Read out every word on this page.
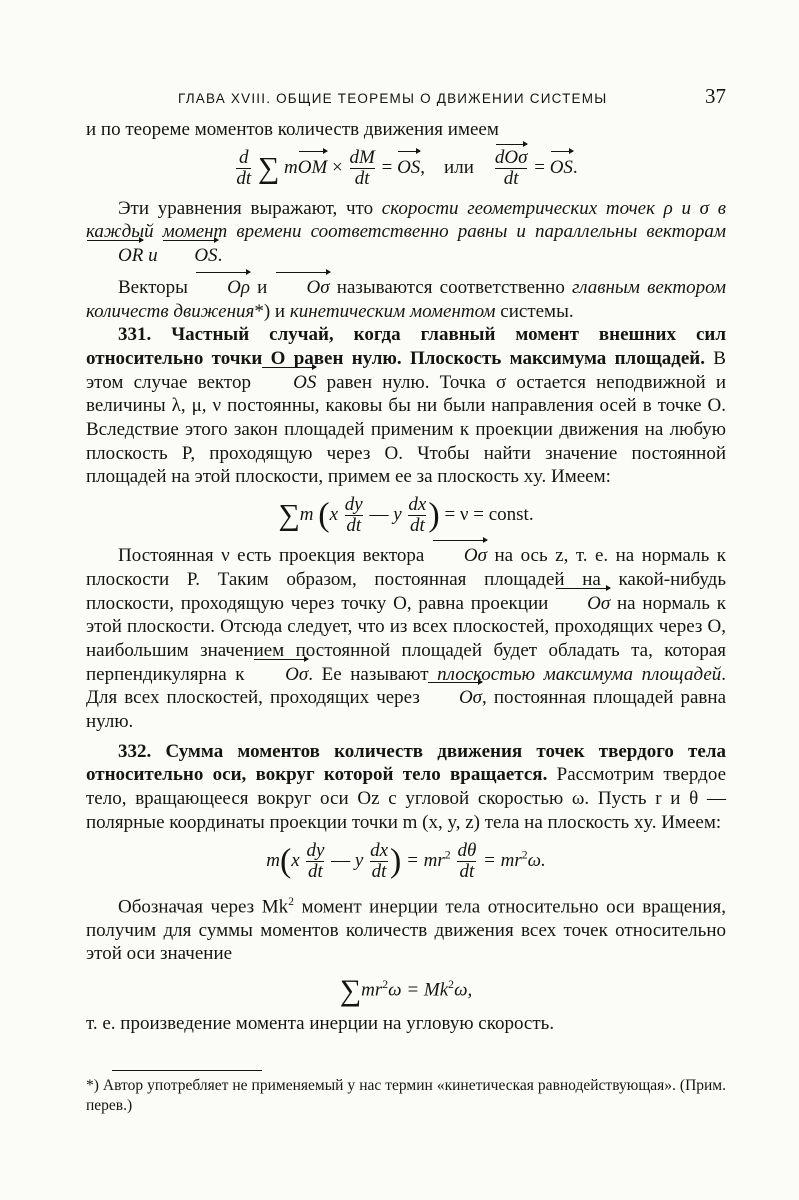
ГЛАВА XVIII. ОБЩИЕ ТЕОРЕМЫ О ДВИЖЕНИИ СИСТЕМЫ	37

и по теореме моментов количеств движения имеем

$\frac{d}{dt}$ ∑ mOM × $\frac{dM}{dt}$ = OS, или $\frac{\text{dOσ}}{dt}$ = OS.

Эти уравнения выражают, что скорости геометрических точек ρ и σ в каждый момент времени соответственно равны и параллельны векторам OR и OS.

Векторы Oρ и Oσ называются соответственно главным вектором количеств движения*) и кинетическим моментом системы.

331. Частный случай, когда главный момент внешних сил относительно точки O равен нулю. Плоскость максимума площадей. В этом случае вектор OS равен нулю. Точка σ остается неподвижной и величины λ, μ, ν постоянны, каковы бы ни были направления осей в точке O. Вследствие этого закон площадей применим к проекции движения на любую плоскость P, проходящую через O. Чтобы найти значение постоянной площадей на этой плоскости, примем ее за плоскость xy. Имеем:

∑m ($x \frac{dy}{dt}$ — y $\frac{dx}{dt}$ ) = ν = const.

Постоянная ν есть проекция вектора Oσ на ось z, т. е. на нормаль к плоскости P. Таким образом, постоянная площадей на какой-нибудь плоскости, проходящую через точку O, равна проекции Oσ на нормаль к этой плоскости. Отсюда следует, что из всех плоскостей, проходящих через O, наибольшим значением постоянной площадей будет обладать та, которая перпендикулярна к Oσ. Ее называют плоскостью максимума площадей. Для всех плоскостей, проходящих через Oσ, постоянная площадей равна нулю.

332. Сумма моментов количеств движения точек твердого тела относительно оси, вокруг которой тело вращается. Рассмотрим твердое тело, вращающееся вокруг оси Oz с угловой скоростью ω. Пусть r и θ — полярные координаты проекции точки m (x, y, z) тела на плоскость xy. Имеем:

$m(x \frac{dy}{dt}$ — y $\frac{dx}{dt}$ ) = $mr^2 \frac{d\theta}{dt} = mr^2\omega$.

Обозначая через Mk$^2$ момент инерции тела относительно оси вращения, получим для суммы моментов количеств движения всех точек относительно этой оси значение

$\sum mr^2\omega = Mk^2\omega$,

т. е. произведение момента инерции на угловую скорость.

*) Автор употребляет не применяемый у нас термин «кинетическая равнодействующая». (Прим. перев.)
